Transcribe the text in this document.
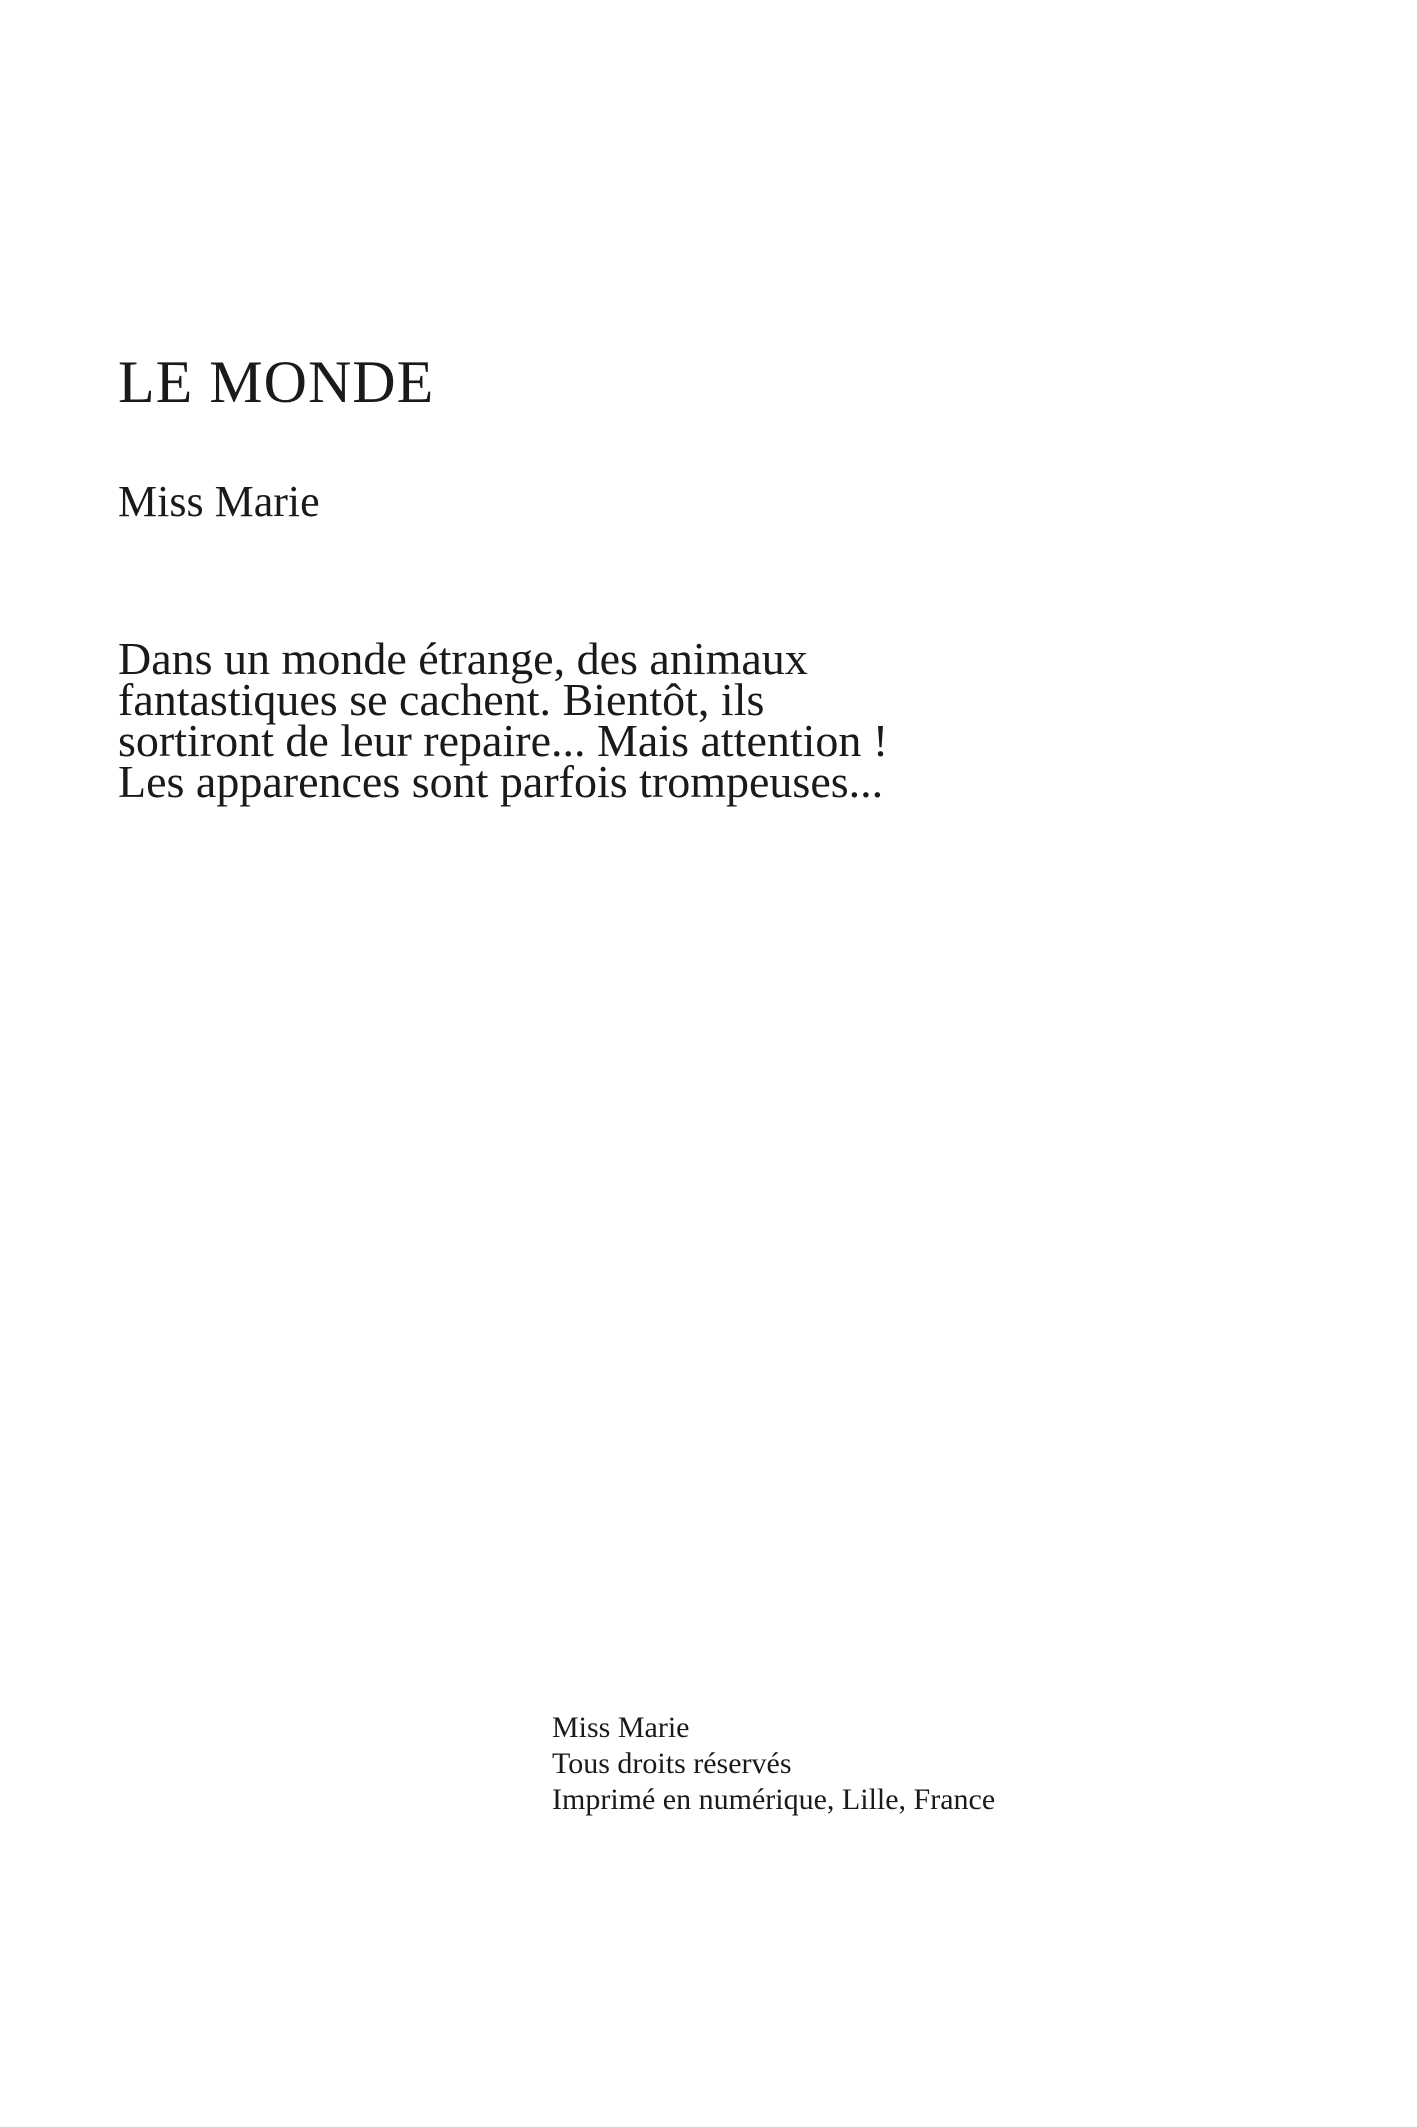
LE MONDE

Miss Marie

Dans un monde étrange, des animaux
fantastiques se cachent. Bientôt, ils
sortiront de leur repaire... Mais attention !
Les apparences sont parfois trompeuses...

Miss Marie
Tous droits réservés
Imprimé en numérique, Lille, France
